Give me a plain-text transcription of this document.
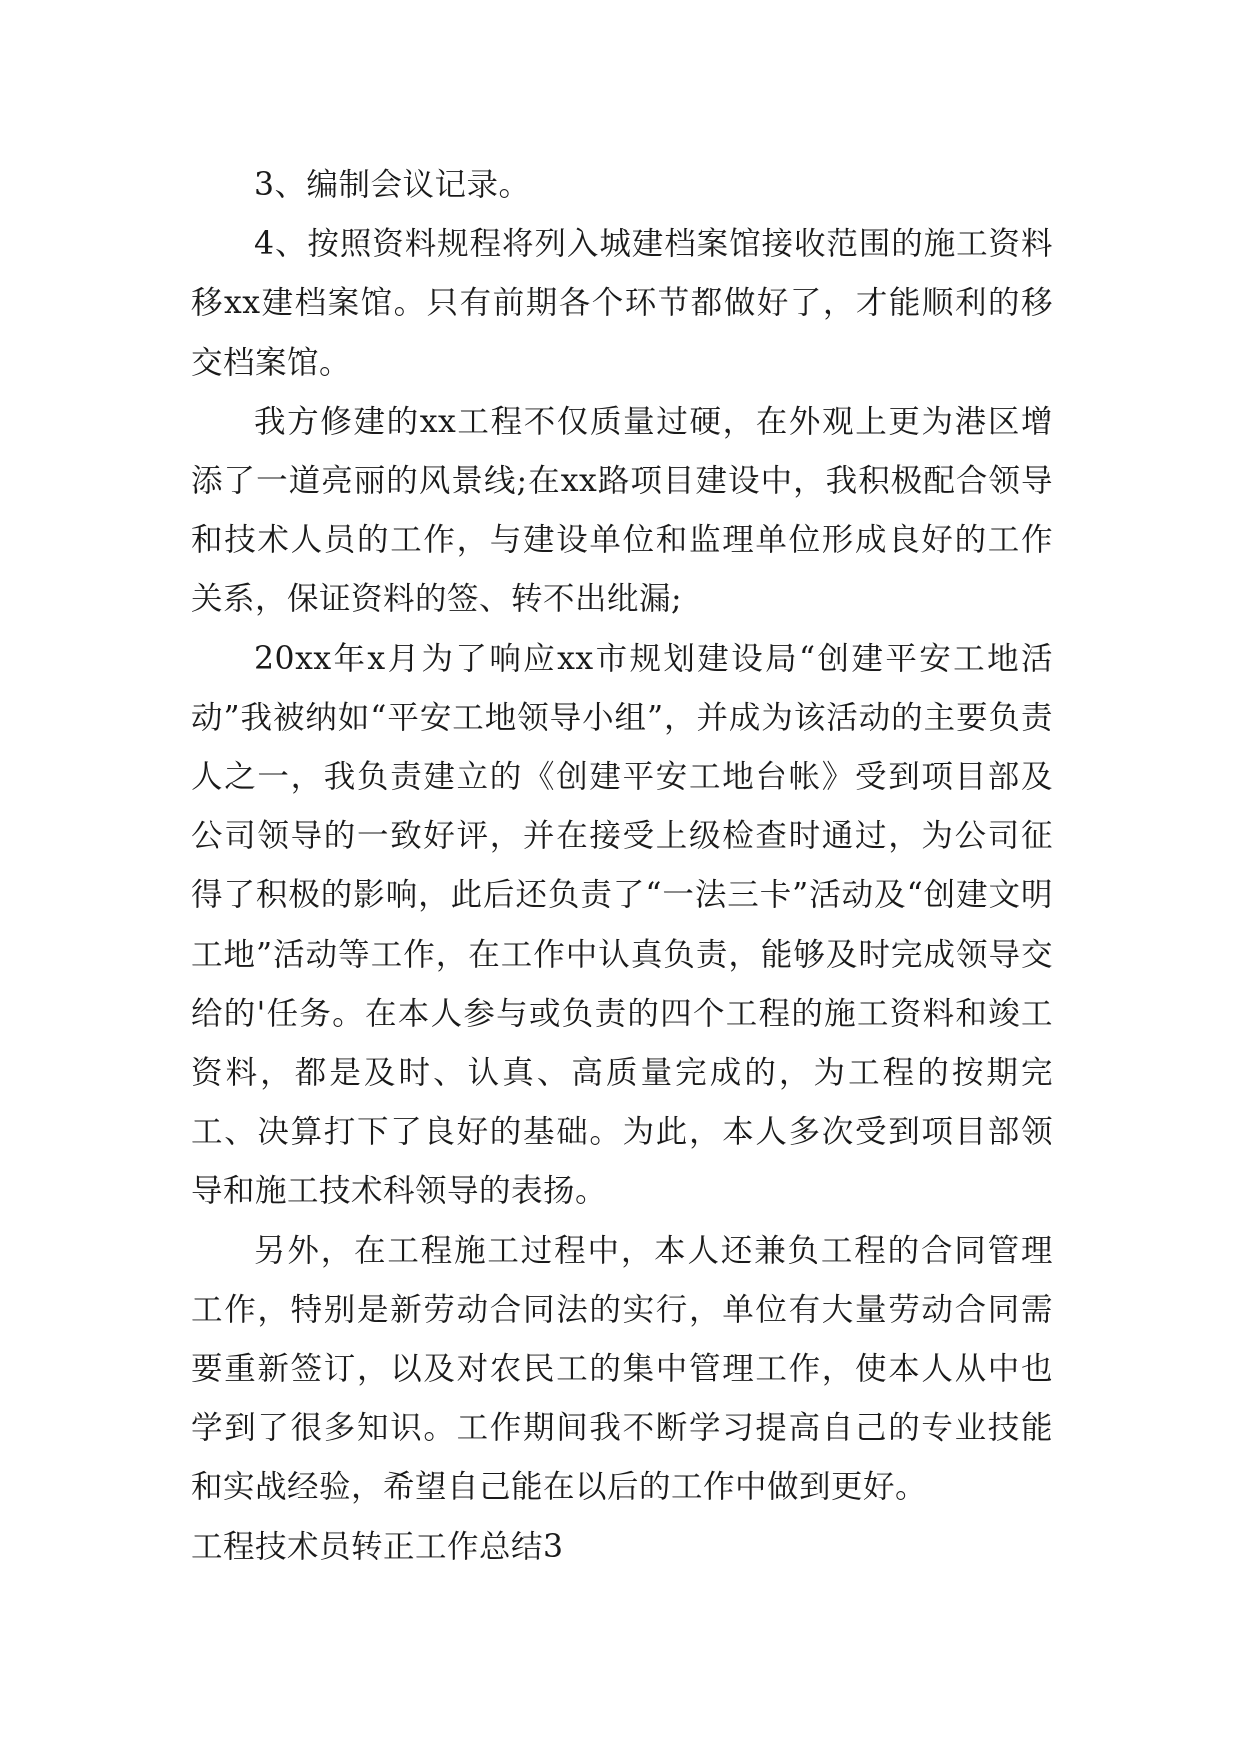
3、编制会议记录。

4、按照资料规程将列入城建档案馆接收范围的施工资料移xx建档案馆。只有前期各个环节都做好了，才能顺利的移交档案馆。

我方修建的xx工程不仅质量过硬，在外观上更为港区增添了一道亮丽的风景线;在xx路项目建设中，我积极配合领导和技术人员的工作，与建设单位和监理单位形成良好的工作关系，保证资料的签、转不出纰漏;

20xx年x月为了响应xx市规划建设局“创建平安工地活动”我被纳如“平安工地领导小组”，并成为该活动的主要负责人之一，我负责建立的《创建平安工地台帐》受到项目部及公司领导的一致好评，并在接受上级检查时通过，为公司征得了积极的影响，此后还负责了“一法三卡”活动及“创建文明工地”活动等工作，在工作中认真负责，能够及时完成领导交给的'任务。在本人参与或负责的四个工程的施工资料和竣工资料，都是及时、认真、高质量完成的，为工程的按期完工、决算打下了良好的基础。为此，本人多次受到项目部领导和施工技术科领导的表扬。

另外，在工程施工过程中，本人还兼负工程的合同管理工作，特别是新劳动合同法的实行，单位有大量劳动合同需要重新签订，以及对农民工的集中管理工作，使本人从中也学到了很多知识。工作期间我不断学习提高自己的专业技能和实战经验，希望自己能在以后的工作中做到更好。

工程技术员转正工作总结3
